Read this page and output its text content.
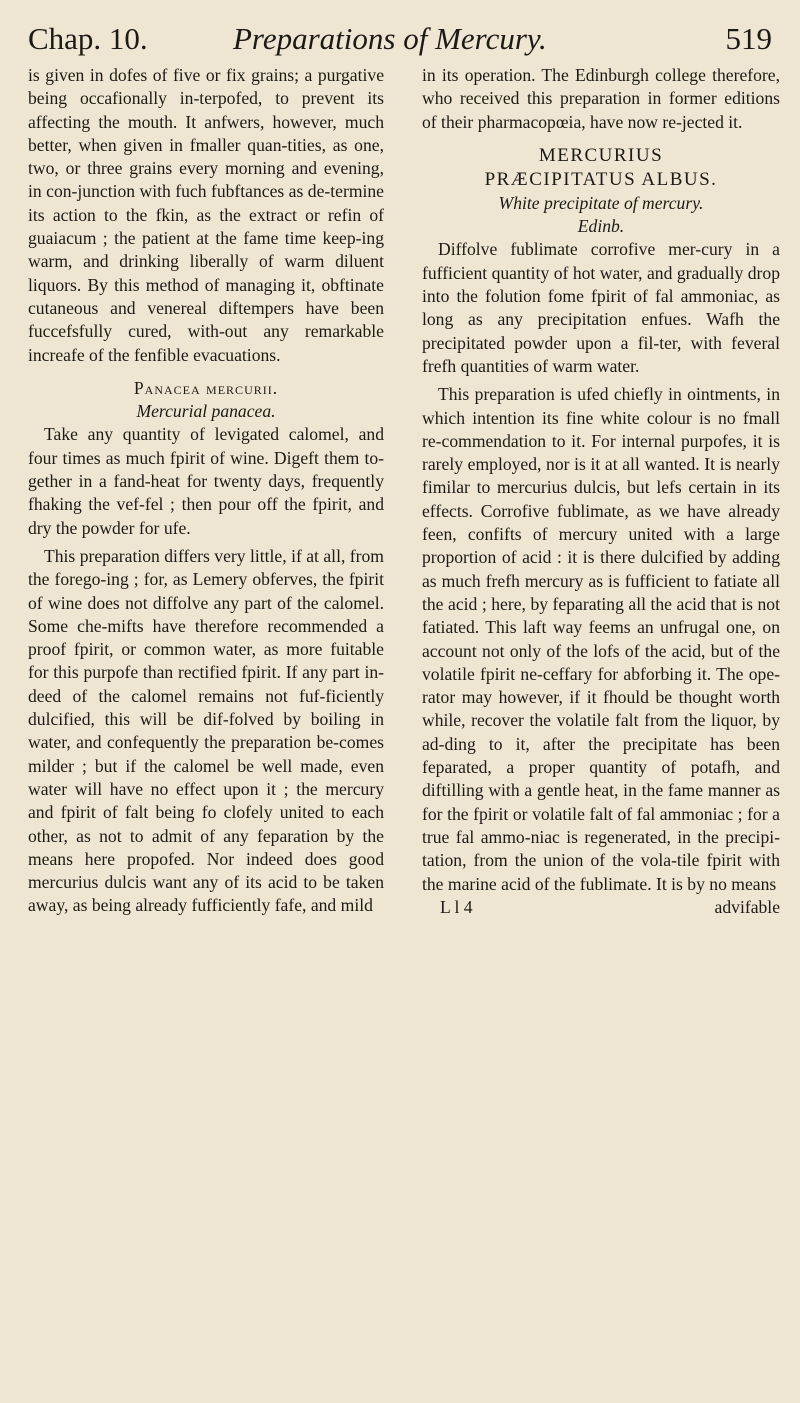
Chap. 10.	Preparations of Mercury.	519

is given in dofes of five or fix grains; a purgative being occafionally in-terpofed, to prevent its affecting the mouth. It anfwers, however, much better, when given in fmaller quan-tities, as one, two, or three grains every morning and evening, in con-junction with fuch fubftances as de-termine its action to the fkin, as the extract or refin of guaiacum ; the patient at the fame time keep-ing warm, and drinking liberally of warm diluent liquors. By this method of managing it, obftinate cutaneous and venereal diftempers have been fuccefsfully cured, with-out any remarkable increafe of the fenfible evacuations.

Panacea mercurii.

Mercurial panacea.

Take any quantity of levigated calomel, and four times as much fpirit of wine. Digeft them to-gether in a fand-heat for twenty days, frequently fhaking the vef-fel ; then pour off the fpirit, and dry the powder for ufe.

This preparation differs very little, if at all, from the forego-ing ; for, as Lemery obferves, the fpirit of wine does not diffolve any part of the calomel. Some che-mifts have therefore recommended a proof fpirit, or common water, as more fuitable for this purpofe than rectified fpirit. If any part in-deed of the calomel remains not fuf-ficiently dulcified, this will be dif-folved by boiling in water, and confequently the preparation be-comes milder ; but if the calomel be well made, even water will have no effect upon it ; the mercury and fpirit of falt being fo clofely united to each other, as not to admit of any feparation by the means here propofed. Nor indeed does good mercurius dulcis want any of its acid to be taken away, as being already fufficiently fafe, and mild

in its operation. The Edinburgh college therefore, who received this preparation in former editions of their pharmacopœia, have now re-jected it.

MERCURIUS

PRÆCIPITATUS ALBUS.

White precipitate of mercury.

Edinb.

Diffolve fublimate corrofive mer-cury in a fufficient quantity of hot water, and gradually drop into the folution fome fpirit of fal ammoniac, as long as any precipitation enfues. Wafh the precipitated powder upon a fil-ter, with feveral frefh quantities of warm water.

This preparation is ufed chiefly in ointments, in which intention its fine white colour is no fmall re-commendation to it. For internal purpofes, it is rarely employed, nor is it at all wanted. It is nearly fimilar to mercurius dulcis, but lefs certain in its effects. Corrofive fublimate, as we have already feen, confifts of mercury united with a large proportion of acid : it is there dulcified by adding as much frefh mercury as is fufficient to fatiate all the acid ; here, by feparating all the acid that is not fatiated. This laft way feems an unfrugal one, on account not only of the lofs of the acid, but of the volatile fpirit ne-ceffary for abforbing it. The ope-rator may however, if it fhould be thought worth while, recover the volatile falt from the liquor, by ad-ding to it, after the precipitate has been feparated, a proper quantity of potafh, and diftilling with a gentle heat, in the fame manner as for the fpirit or volatile falt of fal ammoniac ; for a true fal ammo-niac is regenerated, in the precipi-tation, from the union of the vola-tile fpirit with the marine acid of the fublimate. It is by no means

L l 4	advifable
